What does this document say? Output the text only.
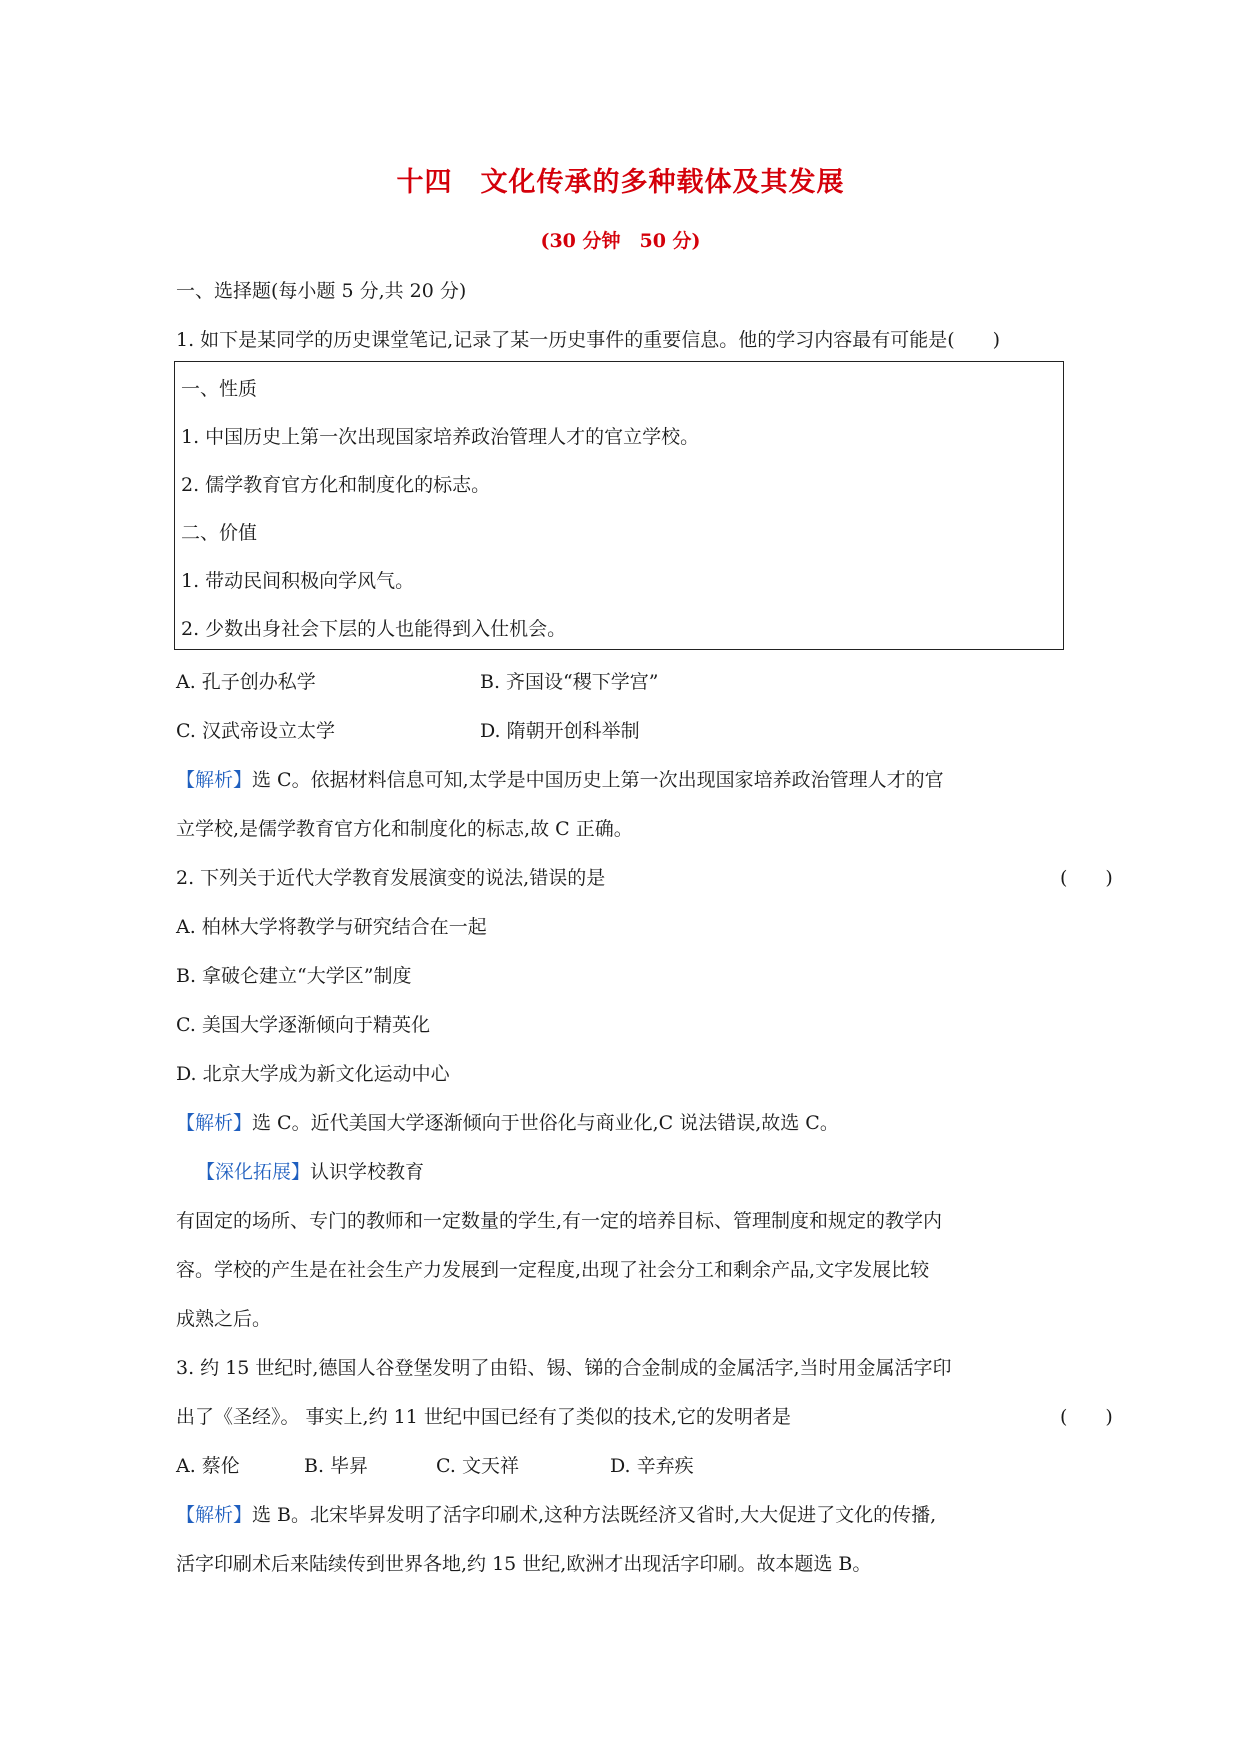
十四　文化传承的多种载体及其发展
(30 分钟　50 分)
一、选择题(每小题 5 分,共 20 分)
1. 如下是某同学的历史课堂笔记,记录了某一历史事件的重要信息。他的学习内容最有可能是(　　)
一、性质
1. 中国历史上第一次出现国家培养政治管理人才的官立学校。
2. 儒学教育官方化和制度化的标志。
二、价值
1. 带动民间积极向学风气。
2. 少数出身社会下层的人也能得到入仕机会。
A. 孔子创办私学	B. 齐国设“稷下学宫”
C. 汉武帝设立太学	D. 隋朝开创科举制
【解析】选 C。依据材料信息可知,太学是中国历史上第一次出现国家培养政治管理人才的官
立学校,是儒学教育官方化和制度化的标志,故 C 正确。
2. 下列关于近代大学教育发展演变的说法,错误的是	(　　)
A. 柏林大学将教学与研究结合在一起
B. 拿破仑建立“大学区”制度
C. 美国大学逐渐倾向于精英化
D. 北京大学成为新文化运动中心
【解析】选 C。近代美国大学逐渐倾向于世俗化与商业化,C 说法错误,故选 C。
【深化拓展】认识学校教育
有固定的场所、专门的教师和一定数量的学生,有一定的培养目标、管理制度和规定的教学内
容。学校的产生是在社会生产力发展到一定程度,出现了社会分工和剩余产品,文字发展比较
成熟之后。
3. 约 15 世纪时,德国人谷登堡发明了由铅、锡、锑的合金制成的金属活字,当时用金属活字印
出了《圣经》。 事实上,约 11 世纪中国已经有了类似的技术,它的发明者是	(　　)
A. 蔡伦	B. 毕昇	C. 文天祥	D. 辛弃疾
【解析】选 B。北宋毕昇发明了活字印刷术,这种方法既经济又省时,大大促进了文化的传播,
活字印刷术后来陆续传到世界各地,约 15 世纪,欧洲才出现活字印刷。故本题选 B。
